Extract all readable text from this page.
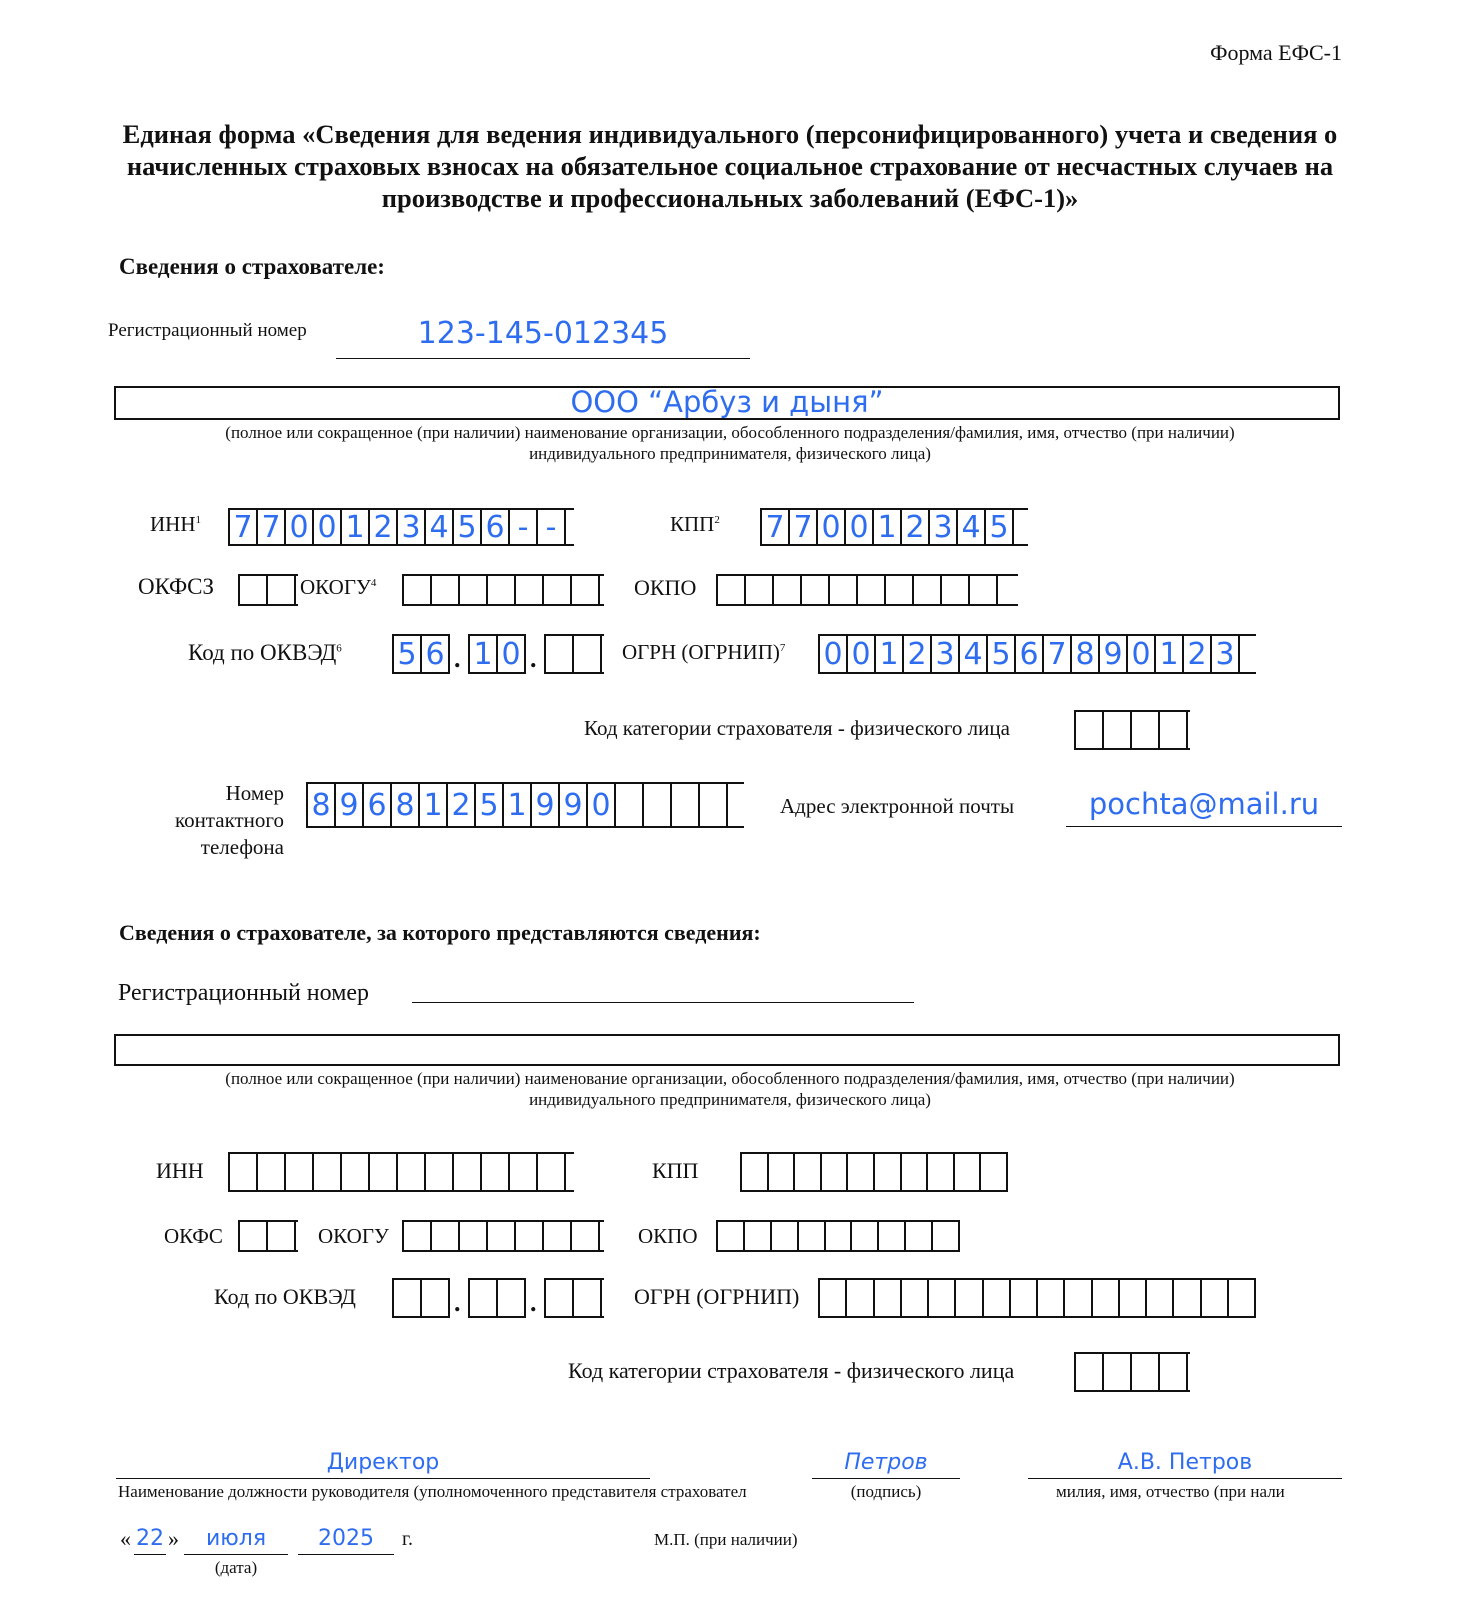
Форма ЕФС-1
Единая форма «Сведения для ведения индивидуального (персонифицированного) учета и сведения о начисленных страховых взносах на обязательное социальное страхование от несчастных случаев на производстве и профессиональных заболеваний (ЕФС-1)»
Сведения о страхователе:
Регистрационный номер	123-145-012345
ООО “Арбуз и дыня”
(полное или сокращенное (при наличии) наименование организации, обособленного подразделения/фамилия, имя, отчество (при наличии) индивидуального предпринимателя, физического лица)
ИНН$^1$ 7 7 0 0 1 2 3 4 5 6 - -	КПП$^2$ 7 7 0 0 1 2 3 4 5
ОКФСЗ	ОКОГУ$^4$	ОКПО
Код по ОКВЭД$^6$ 5 6 . 1 0 .	ОГРН (ОГРНИП)$^7$ 0 0 1 2 3 4 5 6 7 8 9 0 1 2 3
Код категории страхователя - физического лица
Номер контактного телефона
8 9 6 8 1 2 5 1 9 9 0	Адрес электронной почты	pochta@mail.ru
Сведения о страхователе, за которого представляются сведения:
Регистрационный номер
(полное или сокращенное (при наличии) наименование организации, обособленного подразделения/фамилия, имя, отчество (при наличии) индивидуального предпринимателя, физического лица)
ИНН	КПП
ОКФС	ОКОГУ	ОКПО
Код по ОКВЭД	.	.	ОГРН (ОГРНИП)
Код категории страхователя - физического лица
Директор
Наименование должности руководителя (уполномоченного представителя страховател
Петров
(подпись)
А.В. Петров
милия, имя, отчество (при нали
« 22 »	июля	2025	г.
(дата)
М.П. (при наличии)
